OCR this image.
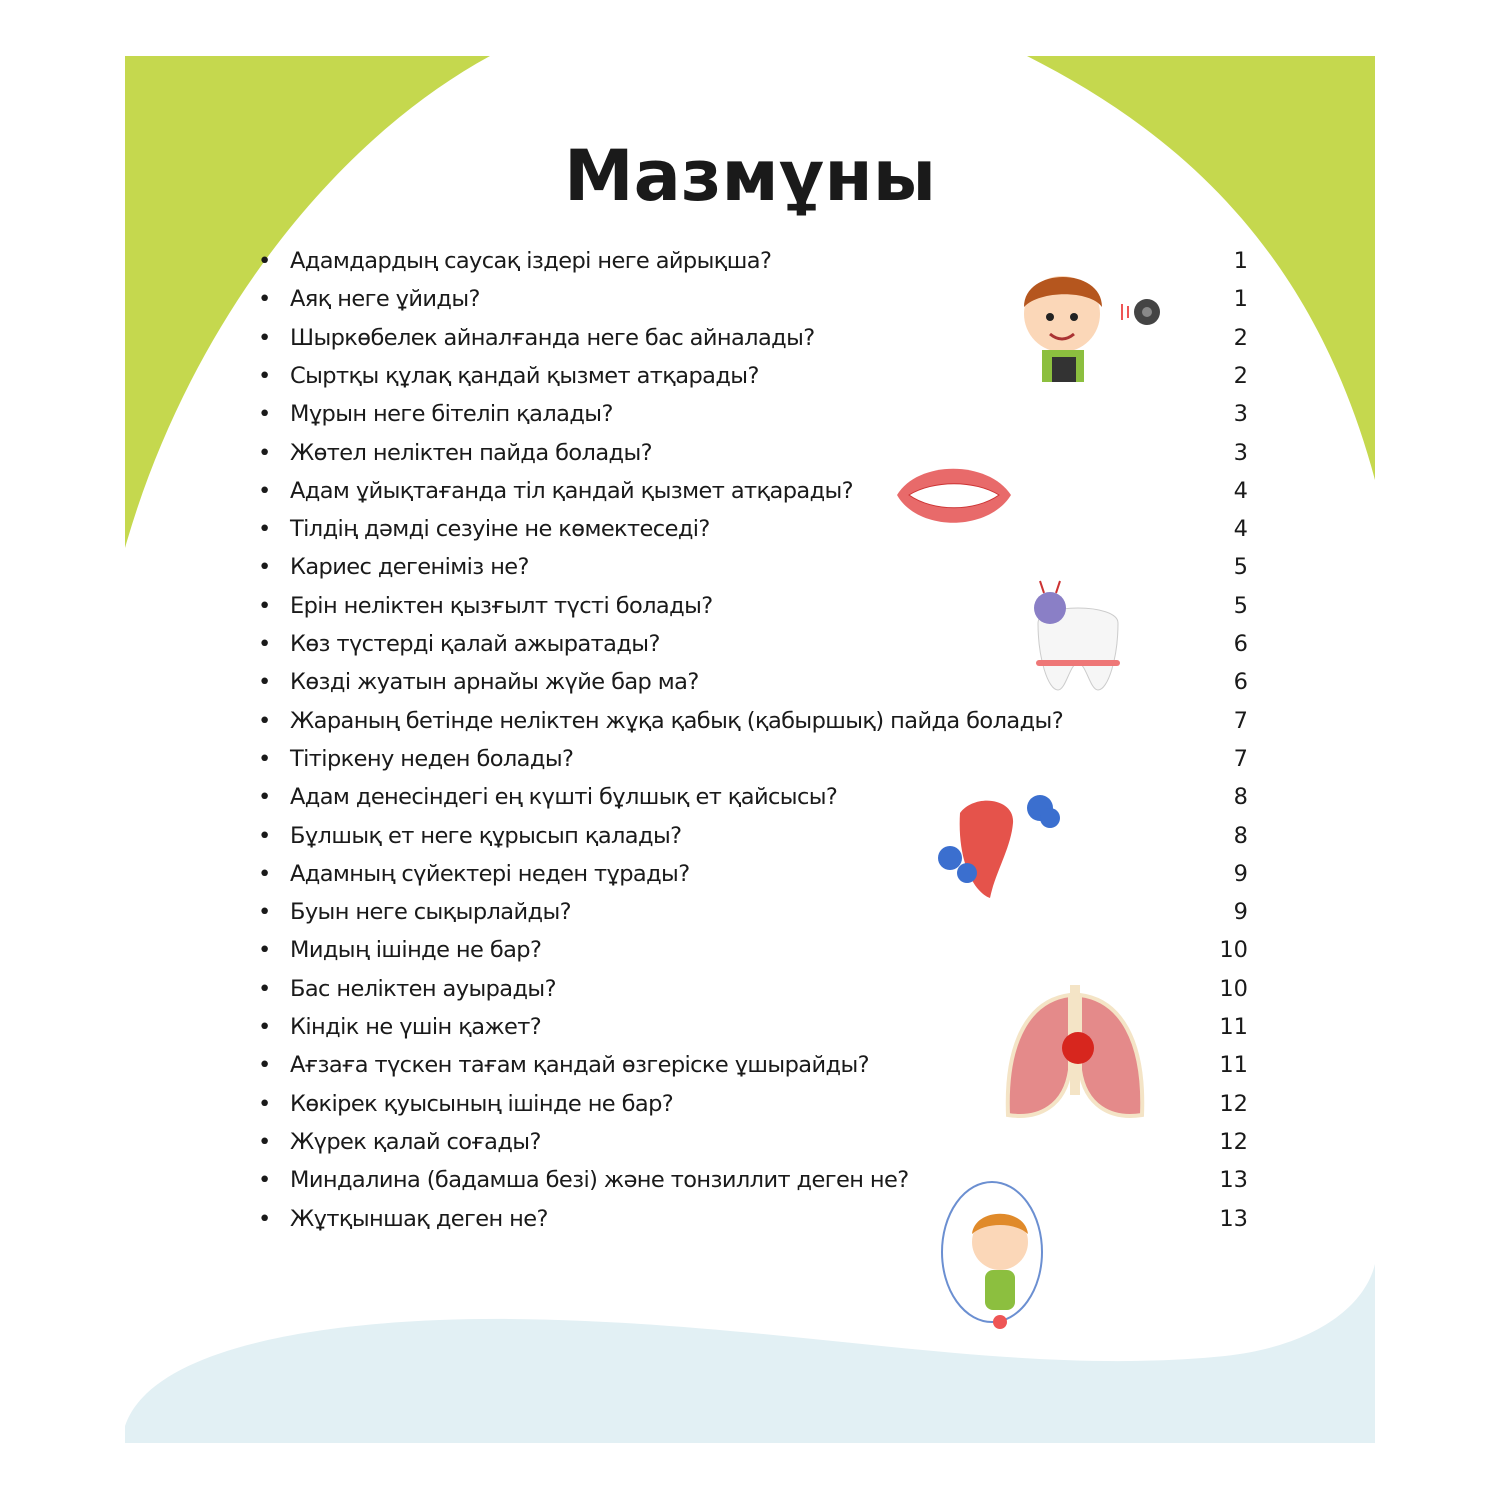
Мазмұны
• Адамдардың саусақ іздері неге айрықша?	1
• Аяқ неге ұйиды?	1
• Шыркөбелек айналғанда неге бас айналады?	2
• Сыртқы құлақ қандай қызмет атқарады?	2
• Мұрын неге бітеліп қалады?	3
• Жөтел неліктен пайда болады?	3
• Адам ұйықтағанда тіл қандай қызмет атқарады?	4
• Тілдің дәмді сезуіне не көмектеседі?	4
• Кариес дегеніміз не?	5
• Ерін неліктен қызғылт түсті болады?	5
• Көз түстерді қалай ажыратады?	6
• Көзді жуатын арнайы жүйе бар ма?	6
• Жараның бетінде неліктен жұқа қабық (қабыршық) пайда болады?	7
• Тітіркену неден болады?	7
• Адам денесіндегі ең күшті бұлшық ет қайсысы?	8
• Бұлшық ет неге құрысып қалады?	8
• Адамның сүйектері неден тұрады?	9
• Буын неге сықырлайды?	9
• Мидың ішінде не бар?	10
• Бас неліктен ауырады?	10
• Кіндік не үшін қажет?	11
• Ағзаға түскен тағам қандай өзгеріске ұшырайды?	11
• Көкірек қуысының ішінде не бар?	12
• Жүрек қалай соғады?	12
• Миндалина (бадамша безі) және тонзиллит деген не?	13
• Жұтқыншақ деген не?	13
